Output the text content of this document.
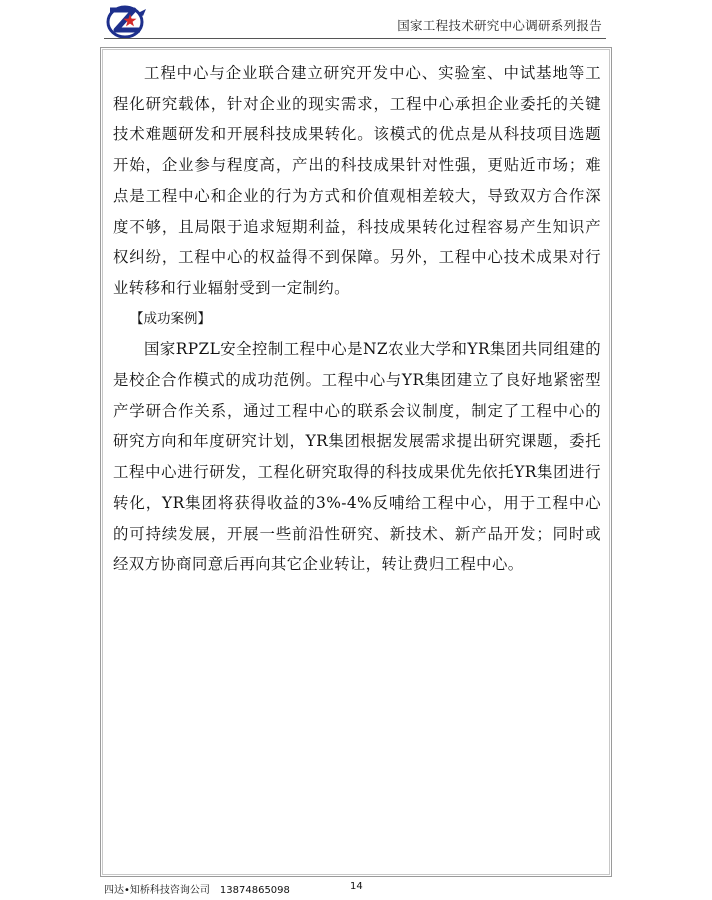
国家工程技术研究中心调研系列报告

工程中心与企业联合建立研究开发中心、实验室、中试基地等工程化研究载体，针对企业的现实需求，工程中心承担企业委托的关键技术难题研发和开展科技成果转化。该模式的优点是从科技项目选题开始，企业参与程度高，产出的科技成果针对性强，更贴近市场；难点是工程中心和企业的行为方式和价值观相差较大，导致双方合作深度不够，且局限于追求短期利益，科技成果转化过程容易产生知识产权纠纷，工程中心的权益得不到保障。另外，工程中心技术成果对行业转移和行业辐射受到一定制约。

【成功案例】

国家RPZL安全控制工程中心是NZ农业大学和YR集团共同组建的是校企合作模式的成功范例。工程中心与YR集团建立了良好地紧密型产学研合作关系，通过工程中心的联系会议制度，制定了工程中心的研究方向和年度研究计划，YR集团根据发展需求提出研究课题，委托工程中心进行研发，工程化研究取得的科技成果优先依托YR集团进行转化，YR集团将获得收益的3%-4%反哺给工程中心，用于工程中心的可持续发展，开展一些前沿性研究、新技术、新产品开发；同时或经双方协商同意后再向其它企业转让，转让费归工程中心。

四达•知桥科技咨询公司 13874865098	14
